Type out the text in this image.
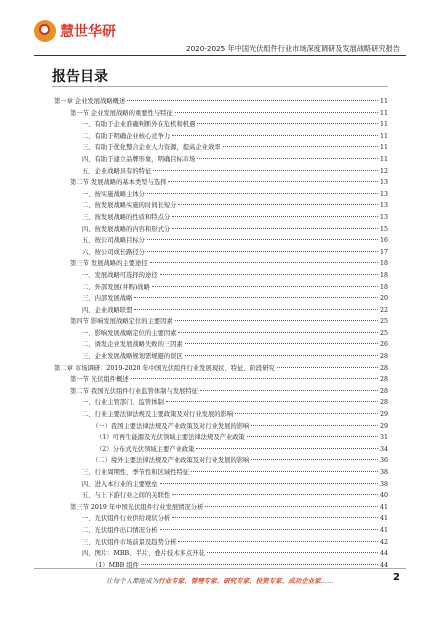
慧世华研
2020-2025 年中国光伏组件行业市场深度调研及发展战略研究报告
报告目录
第一章 企业发展战略概述	11
第一节 企业发展战略的重要性与特征	11
一、有助于企业准确判断外在危机和机遇	11
二、有助于明确企业核心竞争力	11
三、有助于优化整合企业人力资源，提高企业效率	11
四、有助于建立品牌形象，明确目标市场	11
五、企业战略具有的特征	12
第二节 发展战略的基本类型与选择	13
一、按实施战略主体分	13
二、按发展战略实施的时间长短分	13
三、按发展战略的性质和特点分	13
四、按发展战略的内容和形式分	15
五、按公司战略目标分	16
六、按公司成长路径分	17
第三节 发展战略的主要途径	18
一、发展战略可选择的途径	18
二、外部发展(并购)战略	18
三、内部发展战略	20
四、企业战略联盟	22
第四节 影响发展战略定位的主要因素	25
一、影响发展战略定位的主要因素	25
二、诱发企业发展战略失败的三因素	26
三、企业发展战略规划需规避的误区	28
第二章 市场调研：2019-2020 年中国光伏组件行业发展现状、特征、阶段研究	28
第一节 光伏组件概述	28
第二节 我国光伏组件行业监管体制与发展特征	28
一、行业主管部门、监管体制	28
二、行业主要法律法规及主要政策及对行业发展的影响	29
（一）我国主要法律法规及产业政策及对行业发展的影响	29
（1）可再生能源及光伏领域主要法律法规及产业政策	31
（2）分布式光伏领域主要产业政策	34
（二）境外主要法律法规及产业政策及对行业发展的影响	36
三、行业周期性、季节性和区域性特征	38
四、进入本行业的主要壁垒	38
五、与上下游行业之间的关联性	40
第三节 2019 年中国光伏组件行业发展情况分析	41
一、光伏组件行业供给现状分析	41
二、光伏组件出口情况分析	41
三、光伏组件市场前景及趋势分析	42
四、图片：MBB、半片、叠片技术多点开花	44
（1）MBB 组件	44
让每个人都能成为行业专家、管理专家、研究专家、投资专家、成功企业家……	2
